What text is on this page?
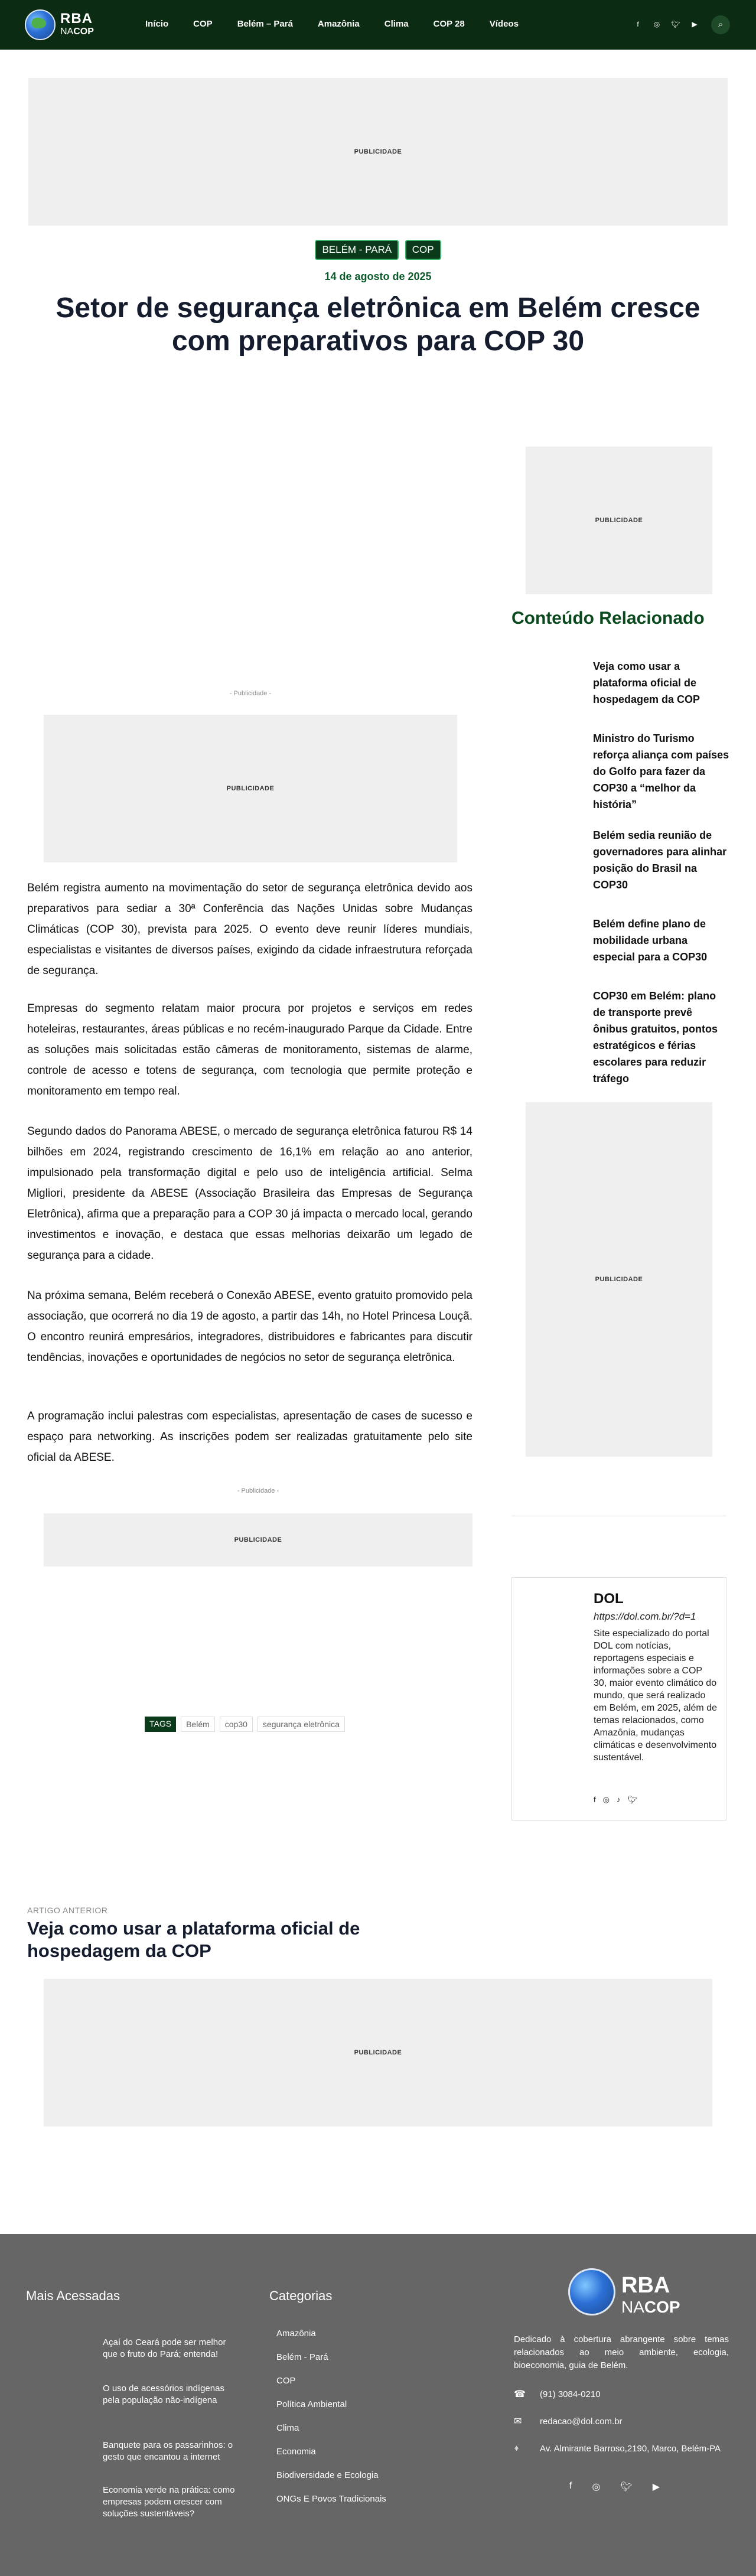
RBA
NACOP
Início	COP	Belém – Pará	Amazônia	Clima	COP 28	Vídeos	f	◎	🐦︎	▶	⌕
PUBLICIDADE
BELÉM - PARÁ COP
14 de agosto de 2025
Setor de segurança eletrônica em Belém cresce com preparativos para COP 30
PUBLICIDADE
Conteúdo Relacionado
Veja como usar a plataforma oficial de hospedagem da COP
Ministro do Turismo reforça aliança com países do Golfo para fazer da COP30 a “melhor da história”
Belém sedia reunião de governadores para alinhar posição do Brasil na COP30
Belém define plano de mobilidade urbana especial para a COP30
COP30 em Belém: plano de transporte prevê ônibus gratuitos, pontos estratégicos e férias escolares para reduzir tráfego
PUBLICIDADE
DOL
https://dol.com.br/?d=1
Site especializado do portal DOL com notícias, reportagens especiais e informações sobre a COP 30, maior evento climático do mundo, que será realizado em Belém, em 2025, além de temas relacionados, como Amazônia, mudanças climáticas e desenvolvimento sustentável.
f ◎ ♪ 🐦︎
- Publicidade -
PUBLICIDADE

Belém registra aumento na movimentação do setor de segurança eletrônica devido aos preparativos para sediar a 30ª Conferência das Nações Unidas sobre Mudanças Climáticas (COP 30), prevista para 2025. O evento deve reunir líderes mundiais, especialistas e visitantes de diversos países, exigindo da cidade infraestrutura reforçada de segurança.

Empresas do segmento relatam maior procura por projetos e serviços em redes hoteleiras, restaurantes, áreas públicas e no recém-inaugurado Parque da Cidade. Entre as soluções mais solicitadas estão câmeras de monitoramento, sistemas de alarme, controle de acesso e totens de segurança, com tecnologia que permite proteção e monitoramento em tempo real.

Segundo dados do Panorama ABESE, o mercado de segurança eletrônica faturou R$ 14 bilhões em 2024, registrando crescimento de 16,1% em relação ao ano anterior, impulsionado pela transformação digital e pelo uso de inteligência artificial. Selma Migliori, presidente da ABESE (Associação Brasileira das Empresas de Segurança Eletrônica), afirma que a preparação para a COP 30 já impacta o mercado local, gerando investimentos e inovação, e destaca que essas melhorias deixarão um legado de segurança para a cidade.

Na próxima semana, Belém receberá o Conexão ABESE, evento gratuito promovido pela associação, que ocorrerá no dia 19 de agosto, a partir das 14h, no Hotel Princesa Louçã. O encontro reunirá empresários, integradores, distribuidores e fabricantes para discutir tendências, inovações e oportunidades de negócios no setor de segurança eletrônica.

A programação inclui palestras com especialistas, apresentação de cases de sucesso e espaço para networking. As inscrições podem ser realizadas gratuitamente pelo site oficial da ABESE.

- Publicidade -
PUBLICIDADE
TAGS	Belém	cop30	segurança eletrônica
ARTIGO ANTERIOR
Veja como usar a plataforma oficial de hospedagem da COP
PUBLICIDADE
Mais Acessadas
Açaí do Ceará pode ser melhor que o fruto do Pará; entenda!
O uso de acessórios indígenas pela população não-indígena
Banquete para os passarinhos: o gesto que encantou a internet
Economia verde na prática: como empresas podem crescer com soluções sustentáveis?
Categorias
Amazônia
Belém - Pará
COP
Política Ambiental
Clima
Economia
Biodiversidade e Ecologia
ONGs E Povos Tradicionais
RBA
NACOP
Dedicado à cobertura abrangente sobre temas relacionados ao meio ambiente, ecologia, bioeconomia, guia de Belém.
☎	(91) 3084-0210
✉	redacao@dol.com.br
⌖	Av. Almirante Barroso,2190, Marco, Belém-PA
f ◎ 🐦︎ ▶
